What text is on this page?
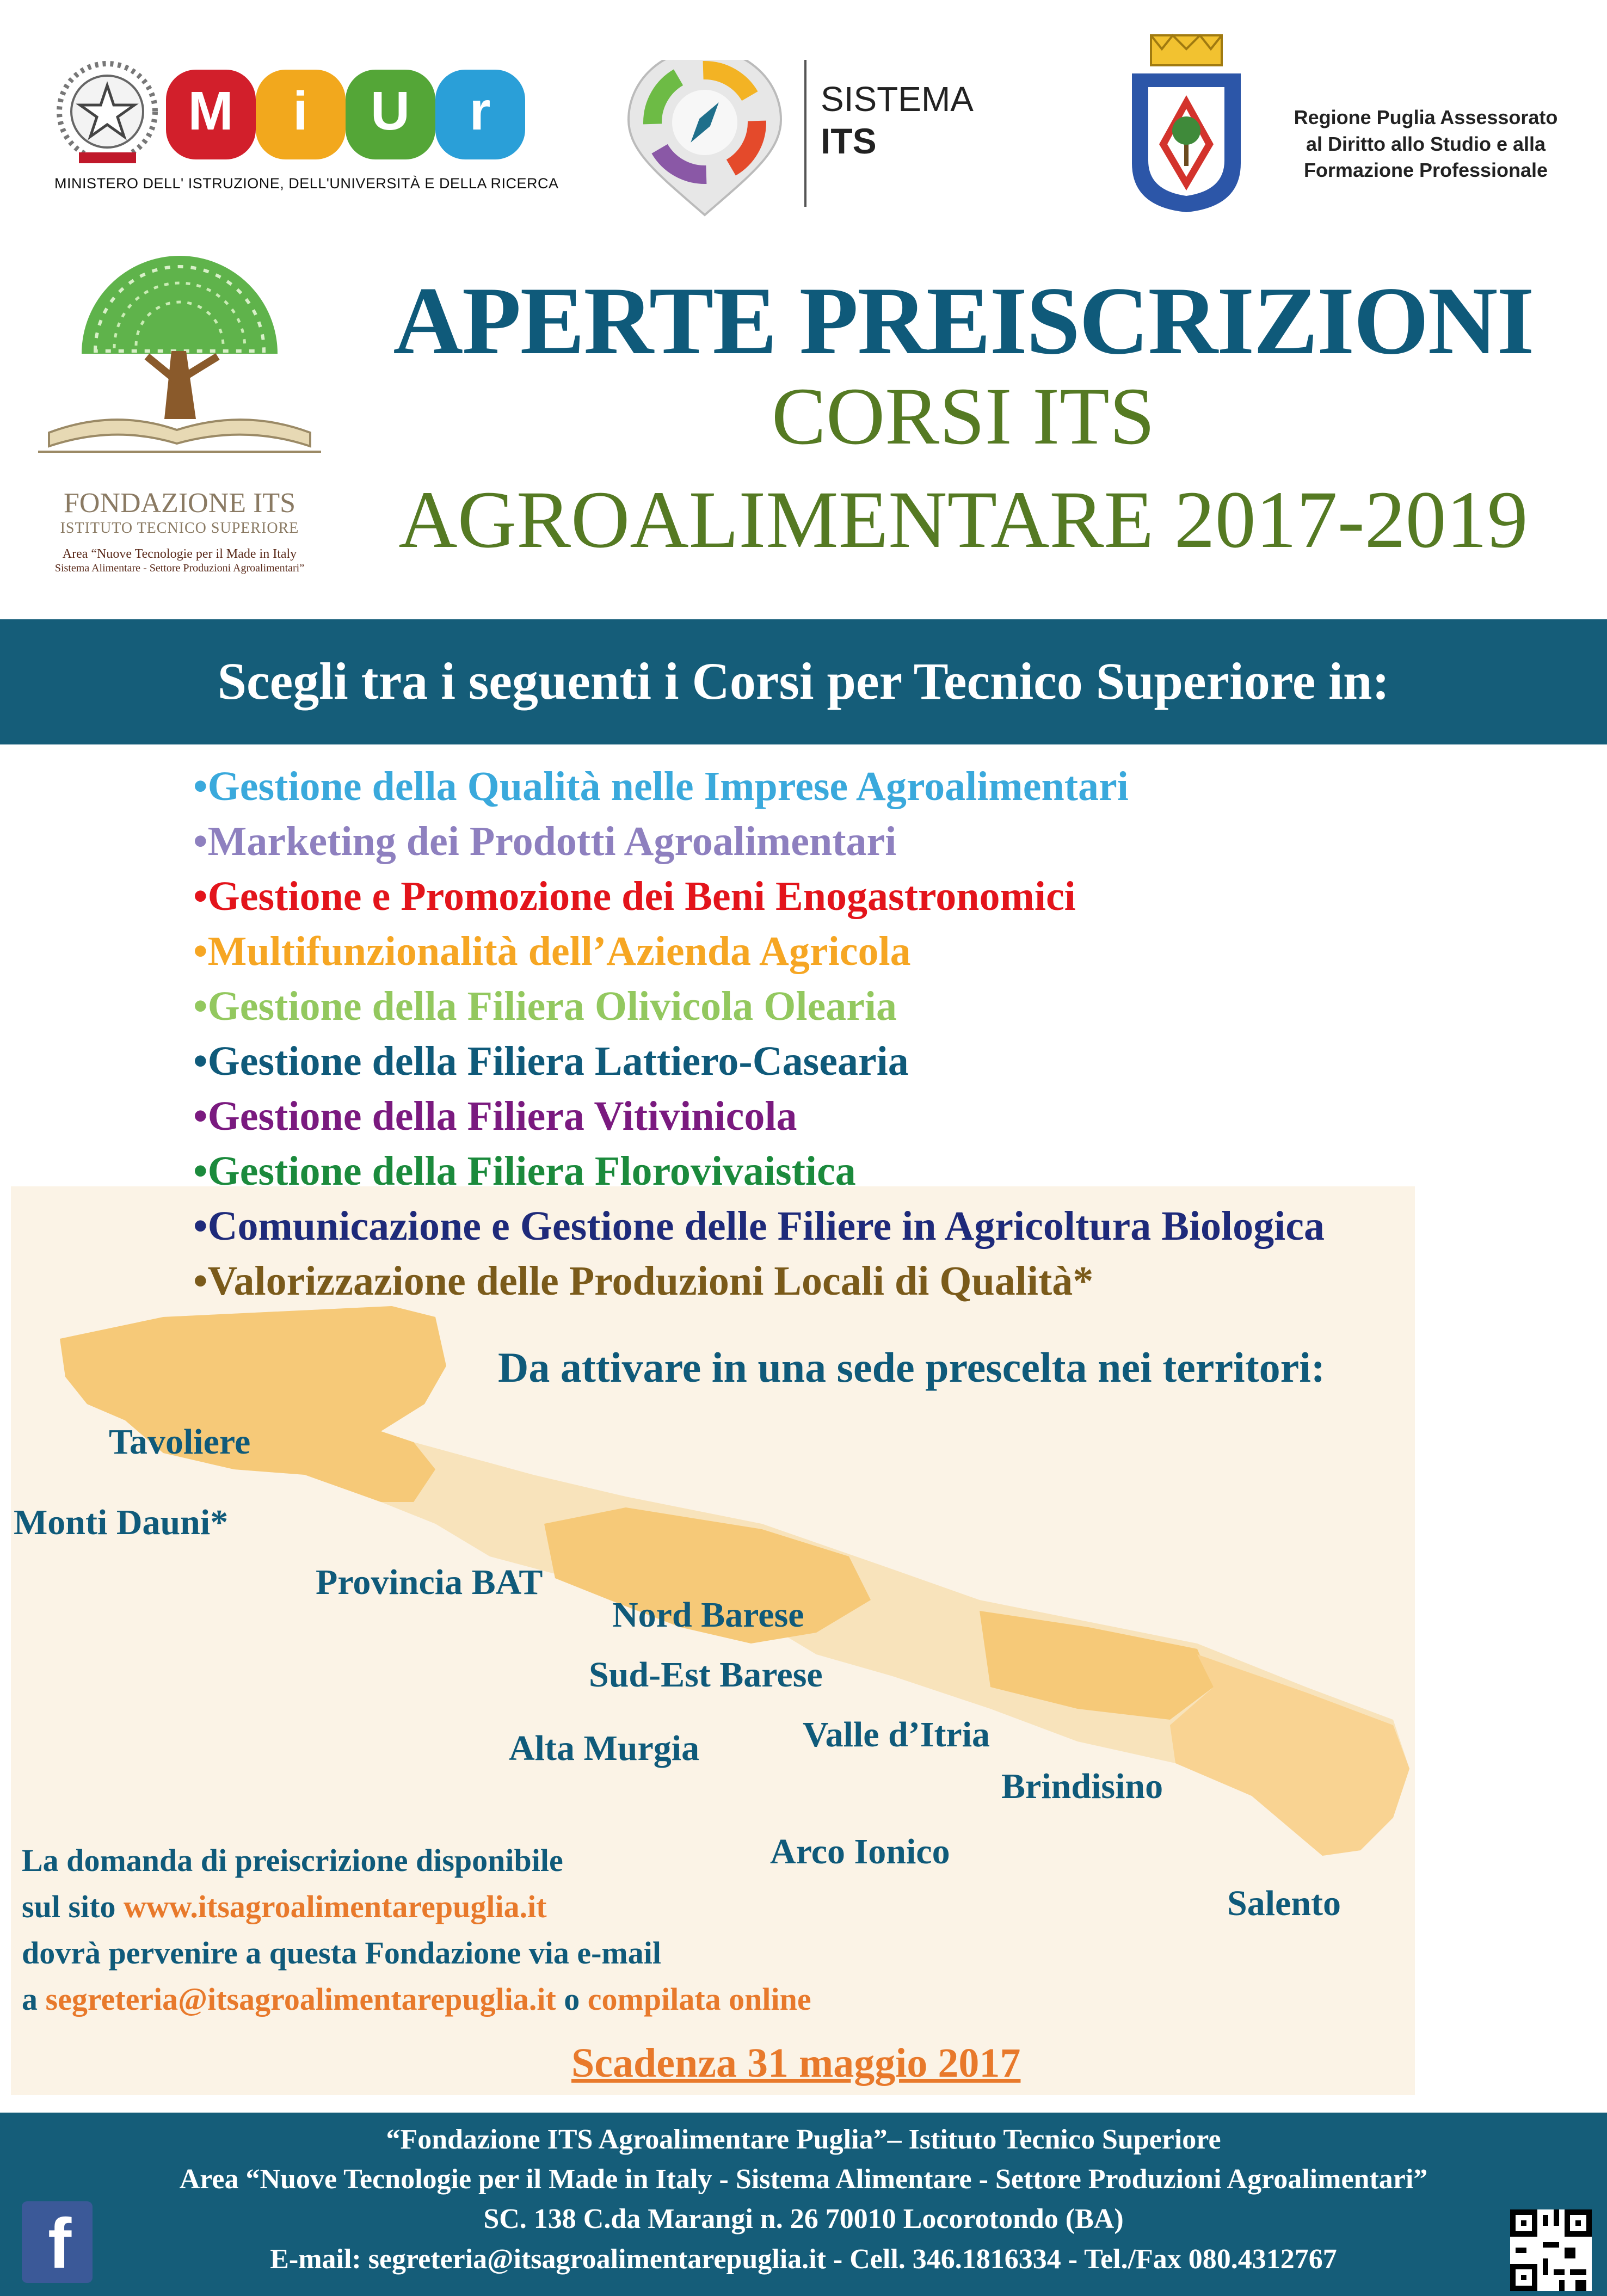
M i U r
MINISTERO DELL' ISTRUZIONE, DELL'UNIVERSITÀ E DELLA RICERCA
SISTEMA
ITS
Regione Puglia Assessorato
al Diritto allo Studio e alla
Formazione Professionale
FONDAZIONE ITS
ISTITUTO TECNICO SUPERIORE
Area “Nuove Tecnologie per il Made in Italy
Sistema Alimentare - Settore Produzioni Agroalimentari”
APERTE PREISCRIZIONI
CORSI ITS
AGROALIMENTARE 2017-2019
Scegli tra i seguenti i Corsi per Tecnico Superiore in:
Da attivare in una sede prescelta nei territori:
Tavoliere
Monti Dauni*
Provincia BAT
Nord Barese
Sud-Est Barese
Alta Murgia	Valle d’Itria
Brindisino
Arco Ionico
Salento
•Gestione della Qualità nelle Imprese Agroalimentari
•Marketing dei Prodotti Agroalimentari
•Gestione e Promozione dei Beni Enogastronomici
•Multifunzionalità dell’Azienda Agricola
•Gestione della Filiera Olivicola Olearia
•Gestione della Filiera Lattiero-Casearia
•Gestione della Filiera Vitivinicola
•Gestione della Filiera Florovivaistica
•Comunicazione e Gestione delle Filiere in Agricoltura Biologica
•Valorizzazione delle Produzioni Locali di Qualità*
La domanda di preiscrizione disponibile
sul sito www.itsagroalimentarepuglia.it
dovrà pervenire a questa Fondazione via e-mail
a segreteria@itsagroalimentarepuglia.it o compilata online
Scadenza 31 maggio 2017
“Fondazione ITS Agroalimentare Puglia”– Istituto Tecnico Superiore
Area “Nuove Tecnologie per il Made in Italy - Sistema Alimentare - Settore Produzioni Agroalimentari”
SC. 138 C.da Marangi n. 26 70010 Locorotondo (BA)
E-mail: segreteria@itsagroalimentarepuglia.it - Cell. 346.1816334 - Tel./Fax 080.4312767
f
